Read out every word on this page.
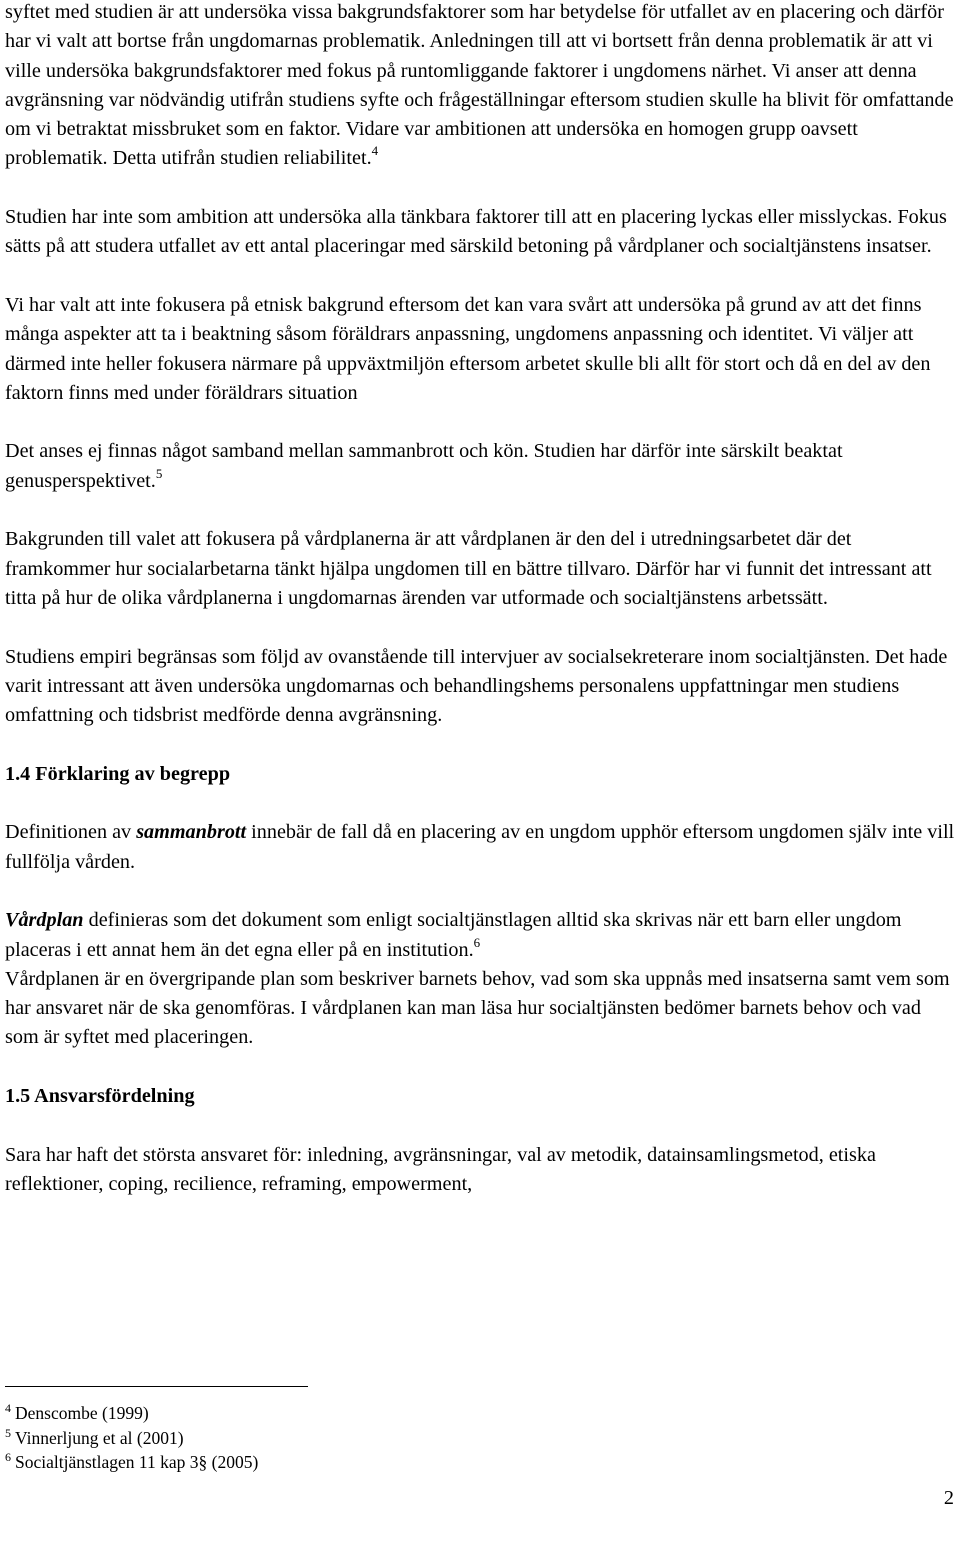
syftet med studien är att undersöka vissa bakgrundsfaktorer som har betydelse för utfallet av en placering och därför har vi valt att bortse från ungdomarnas problematik. Anledningen till att vi bortsett från denna problematik är att vi ville undersöka bakgrundsfaktorer med fokus på runtomliggande faktorer i ungdomens närhet. Vi anser att denna avgränsning var nödvändig utifrån studiens syfte och frågeställningar eftersom studien skulle ha blivit för omfattande om vi betraktat missbruket som en faktor. Vidare var ambitionen att undersöka en homogen grupp oavsett problematik. Detta utifrån studien reliabilitet.$^4$

Studien har inte som ambition att undersöka alla tänkbara faktorer till att en placering lyckas eller misslyckas. Fokus sätts på att studera utfallet av ett antal placeringar med särskild betoning på vårdplaner och socialtjänstens insatser.

Vi har valt att inte fokusera på etnisk bakgrund eftersom det kan vara svårt att undersöka på grund av att det finns många aspekter att ta i beaktning såsom föräldrars anpassning, ungdomens anpassning och identitet. Vi väljer att därmed inte heller fokusera närmare på uppväxtmiljön eftersom arbetet skulle bli allt för stort och då en del av den faktorn finns med under föräldrars situation

Det anses ej finnas något samband mellan sammanbrott och kön. Studien har därför inte särskilt beaktat genusperspektivet.$^5$

Bakgrunden till valet att fokusera på vårdplanerna är att vårdplanen är den del i utredningsarbetet där det framkommer hur socialarbetarna tänkt hjälpa ungdomen till en bättre tillvaro. Därför har vi funnit det intressant att titta på hur de olika vårdplanerna i ungdomarnas ärenden var utformade och socialtjänstens arbetssätt.

Studiens empiri begränsas som följd av ovanstående till intervjuer av socialsekreterare inom socialtjänsten. Det hade varit intressant att även undersöka ungdomarnas och behandlingshems personalens uppfattningar men studiens omfattning och tidsbrist medförde denna avgränsning.

1.4 Förklaring av begrepp

Definitionen av sammanbrott innebär de fall då en placering av en ungdom upphör eftersom ungdomen själv inte vill fullfölja vården.

Vårdplan definieras som det dokument som enligt socialtjänstlagen alltid ska skrivas när ett barn eller ungdom placeras i ett annat hem än det egna eller på en institution.$^6$
Vårdplanen är en övergripande plan som beskriver barnets behov, vad som ska uppnås med insatserna samt vem som har ansvaret när de ska genomföras. I vårdplanen kan man läsa hur socialtjänsten bedömer barnets behov och vad som är syftet med placeringen.

1.5 Ansvarsfördelning

Sara har haft det största ansvaret för: inledning, avgränsningar, val av metodik, datainsamlingsmetod, etiska reflektioner, coping, recilience, reframing, empowerment,

$^4$ Denscombe (1999)
$^5$ Vinnerljung et al (2001)
$^6$ Socialtjänstlagen 11 kap 3§ (2005)
2
